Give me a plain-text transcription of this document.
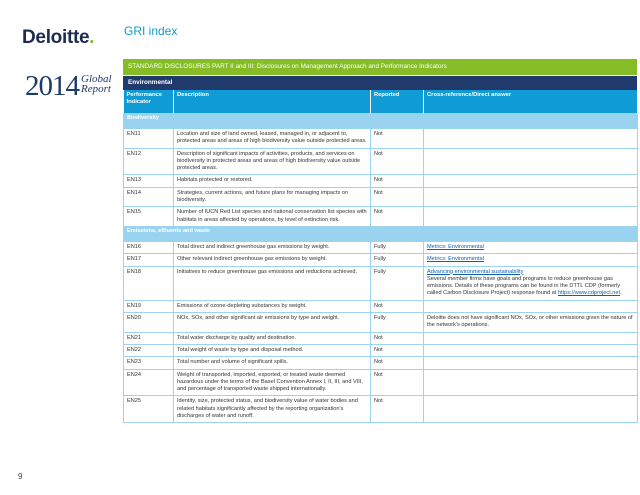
Deloitte. GRI index
2014 Global
Report
STANDARD DISCLOSURES PART II and III: Disclosures on Management Approach and Performance Indicators
Environmental
Performance Indicator	Description	Reported	Cross-reference/Direct answer
Biodiversity			
EN11	Location and size of land owned, leased, managed in, or adjacent to, protected areas and areas of high biodiversity value outside protected areas.	Not	
EN12	Description of significant impacts of activities, products, and services on biodiversity in protected areas and areas of high biodiversity value outside protected areas.	Not	
EN13	Habitats protected or restored.	Not	
EN14	Strategies, current actions, and future plans for managing impacts on biodiversity.	Not	
EN15	Number of IUCN Red List species and national conservation list species with habitats in areas affected by operations, by level of extinction risk.	Not	
Emissions, effluents and waste			
EN16	Total direct and indirect greenhouse gas emissions by weight.	Fully	Metrics: Environmental
EN17	Other relevant indirect greenhouse gas emissions by weight.	Fully	Metrics: Environmental
EN18	Initiatives to reduce greenhouse gas emissions and reductions achieved.	Fully	Advancing environmental sustainability
Several member firms have goals and programs to reduce greenhouse gas emissions. Details of these programs can be found in the DTTL CDP (formerly called Carbon Disclosure Project) response found at https://www.cdproject.net.
EN19	Emissions of ozone-depleting substances by weight.	Not	
EN20	NOx, SOx, and other significant air emissions by type and weight.	Fully	Deloitte does not have significant NOx, SOx, or other emissions given the nature of the network's operations.
EN21	Total water discharge by quality and destination.	Not	
EN22	Total weight of waste by type and disposal method.	Not	
EN23	Total number and volume of significant spills.	Not	
EN24	Weight of transported, imported, exported, or treated waste deemed hazardous under the terms of the Basel Convention Annex I, II, III, and VIII, and percentage of transported waste shipped internationally.	Not	
EN25	Identity, size, protected status, and biodiversity value of water bodies and related habitats significantly affected by the reporting organization's discharges of water and runoff.	Not	
9
